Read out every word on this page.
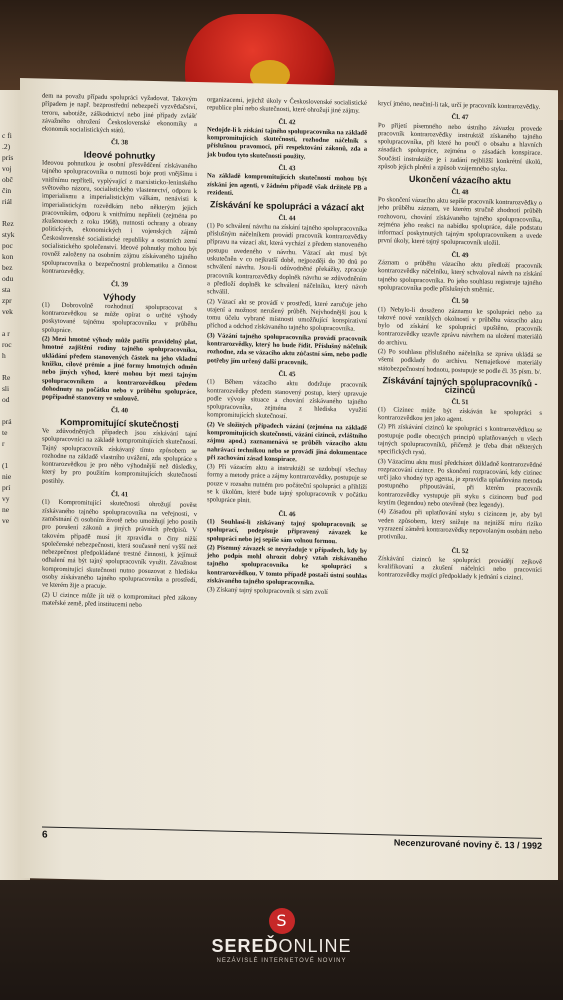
c fi
.2)
prís
voj
obč
čin
riál

Rez
styk
poc
kon
bez
odu
sta
zpr
vek

a r
roc
h

Re
sli
od

prá
te
r

(1
nie
prí
vy
ne
ve

dem na považu případu spolupráci vyžadovat. Takovým případem je např. bezprostřední nebezpečí vyzvědačství, teroru, sabotáže, záškodnictví nebo jiné případy zvlášť závažného ohrožení Československé ekonomiky a ekonomik socialistických států.

Čl. 38
Ideové pohnutky

Ideovou pohnutkou je osobní přesvědčení získávaného tajného spolupracovníka o nutnosti boje proti vnějšímu i vnitřnímu nepříteli, vyplývající z marxisticko-leninského světového názoru, socialistického vlastenectví, odporu k imperialismu a imperialistickým válkám, nenávisti k imperialistickým rozvědkám nebo některým jejich pracovníkům, odporu k vnitřnímu nepříteli (zejména po zkušenostech z roku 1968), nutnosti ochrany a obrany politických, ekonomických i vojenských zájmů Československé socialistické republiky a ostatních zemí socialistického společenství. Ideové pohnutky mohou být rovněž založeny na osobním zájmu získávaného tajného spolupracovníka o bezpečnostní problematiku a činnost kontrarozvědky.

Čl. 39
Výhody

(1) Dobrovolně rozhodnutí spolupracovat s kontrarozvědkou se může opírat o určité výhody poskytované tajnému spolupracovníku v průběhu spolupráce.

(2) Mezi hmotné výhody může patřit pravidelný plat, hmotné zajištění rodiny tajného spolupracovníka, ukládání předem stanovených částek na jeho vkladní knížku, cílové prémie a jiné formy hmotných odměn nebo jiných výhod, které mohou být mezi tajným spolupracovníkem a kontrarozvědkou předem dohodnuty na počátku nebo v průběhu spolupráce, popřípadně stanoveny ve smlouvě.

Čl. 40
Kompromitující skutečnosti

Ve zdůvodněných případech jsou získávání tajní spolupracovníci na základě kompromitujících skutečností. Tajný spolupracovník získávaný tímto způsobem se rozhodne na základě vlastního uvážení, zda spolupráce s kontrarozvědkou je pro něho výhodnější než důsledky, který by pro použitím kompromitujících skutečností postihly.

Čl. 41

(1) Kompromitující skutečnosti ohrožují pověst získávaného tajného spolupracovníka na veřejnosti, v zaměstnání či osobním životě nebo umožňují jeho postih pro porušení zákonů a jiných právních předpisů. V takovém případě musí jít zpravidla o činy nižší společenské nebezpečnosti, která současně není vyšší než nebezpečnost předpokládané trestné činnosti, k jejímuž odhalení má být tajný spolupracovník využit. Závažnost kompromitující skutečnosti nutno posuzovat z hlediska osoby získávaného tajného spolupracovníka a prostředí, ve kterém žije a pracuje.

(2) U cizince může jít též o kompromitaci před zákony mateřské země, před institucemi nebo

organizacemi, jejichž úkoly v Československé socialistické republice plní nebo skutečnosti, které ohrožují jiné zájmy.

Čl. 42

Nedojde-li k získání tajného spolupracovníka na základě kompromitujících skutečností, rozhodne náčelník s příslušnou pravomocí, při respektování zákonů, zda a jak budou tyto skutečnosti použity.

Čl. 43

Na základě kompromitujících skutečností mohou být získáni jen agenti, v žádném případě však držitelé PB a rezidenti.

Získávání ke spolupráci a vázací akt
Čl. 44

(1) Po schválení návrhu na získání tajného spolupracovníka příslušným náčelníkem provádí pracovník kontrarozvědky přípravu na vázací akt, která vychází z předem stanoveného postupu uvedeného v návrhu. Vázací akt musí být uskutečněn v co nejkratší době, nejpozději do 30 dnů po schválení návrhu. Jsou-li odůvodněné překážky, zpracuje pracovník kontrarozvědky doplněk návrhu se zdůvodněním a předloží doplněk ke schválení náčelníku, který návrh schválil.

(2) Vázací akt se provádí v prostředí, které zaručuje jeho utajení a možnost nerušený průběh. Nejvhodnější jsou k tomu účelu vybrané místnosti umožňující konspirativní příchod a odchod získávaného tajného spolupracovníka.

(3) Vázání tajného spolupracovníka provádí pracovník kontrarozvědky, který ho bude řídit. Příslušný náčelník rozhodne, zda se vázacího aktu zúčastní sám, nebo podle potřeby jím určený další pracovník.

Čl. 45

(1) Během vázacího aktu dodržuje pracovník kontrarozvědky předem stanovený postup, který upravuje podle vývoje situace a chování získávaného tajného spolupracovníka, zejména z hlediska využití kompromitujících skutečností.

(2) Ve složitých případech vázání (zejména na základě kompromitujících skutečností, vázání cizinců, zvláštního zájmu apod.) zaznamenává se průběh vázacího aktu nahrávací technikou nebo se provádí jiná dokumentace při zachování zásad konspirace.

(3) Při vázacím aktu a instruktáži se uzdobují všechny formy a metody práce a zájmy kontrarozvědky, postupuje se pouze v rozsahu nutném pro počáteční spolupráci a přihlíží se k úkolům, které bude tajný spolupracovník v počátku spolupráce plnit.

Čl. 46

(1) Souhlasí-li získávaný tajný spolupracovník se spoluprací, podepisuje připravený závazek ke spolupráci nebo jej sepíše sám volnou formou.

(2) Písemný závazek se nevyžaduje v případech, kdy by jeho podpis mohl ohrozit dobrý vztah získávaného tajného spolupracovníka ke spolupráci s kontrarozvědkou. V tomto případě postačí ústní souhlas získávaného tajného spolupracovníka.

(3) Získaný tajný spolupracovník si sám zvolí

krycí jméno, neučiní-li tak, určí je pracovník kontrarozvědky.

Čl. 47

Po přijetí písemného nebo ústního závazku provede pracovník kontrarozvědky instruktáž získaného tajného spolupracovníka, při které ho poučí o obsahu a hlavních zásadách spolupráce, zejména o zásadách konspirace. Součástí instruktáže je i zadání nejbližší konkrétní úkolů, způsob jejich plnění a způsob vzájemného styku.

Ukončení vázacího aktu
Čl. 48

Po skončení vázacího aktu sepíše pracovník kontrarozvědky o jeho průběhu záznam, ve kterém stručně zhodnotí průběh rozhovoru, chování získávaného tajného spolupracovníka, zejména jeho reakci na nabídku spolupráce, dále podstatu informací poskytnutých tajným spolupracovníkem a uvede první úkoly, které tajný spolupracovník uložil.

Čl. 49

Záznam o průběhu vázacího aktu předloží pracovník kontrarozvědky náčelníku, který schvaloval návrh na získání tajného spolupracovníka. Po jeho souhlasu registruje tajného spolupracovníka podle příslušných směrnic.

Čl. 50

(1) Nebylo-li dosaženo záznamu ke spolupráci nebo za takové nové vzniklých okolností v průběhu vázacího aktu bylo od získání ke spolupráci upuštěno, pracovník kontrarozvědky uzavře zprávu návrhem na uložení materiálů do archivu.

(2) Po souhlasu příslušného náčelníka se zpráva ukládá se všemi podklady do archivu. Nemajetkové materiály státobezpečnostní hodnotu, postupuje se podle čl. 35 písm. b/.

Získávání tajných spolupracovníků - cizinců
Čl. 51

(1) Cizinec může být získáván ke spolupráci s kontrarozvědkou jen jako agent.

(2) Při získávání cizinců ke spolupráci s kontrarozvědkou se postupuje podle obecných principů uplatňovaných u všech tajných spolupracovníků, přičemž je třeba dbát některých specifických rysů.

(3) Vázacímu aktu musí předcházet důkladně kontrarozvědné rozpracování cizince. Po skončení rozpracování, kdy cizinec určí jako vhodný typ agenta, je zpravidla uplatňována metoda postupného připoutávání, při kterém pracovník kontrarozvědky vystupuje při styku s cizincem buď pod krytím (legendou) nebo otevřeně (bez legendy).

(4) Zásadou při uplatňování styku s cizincem je, aby byl veden způsobem, který snižuje na nejnižší míru riziko vyzrazení záměrů kontrarozvědky nepovolaným osobám nebo protivníku.

Čl. 52

Získávání cizinců ke spolupráci provádějí zejkově kvalifikovaní a zkušení náčelníci nebo pracovníci kontrarozvědky majíci předpoklady k jednání s cizinci.

6
Necenzurované noviny č. 13 / 1992
S
SEREĎONLINE
NEZÁVISLÉ INTERNETOVÉ NOVINY
